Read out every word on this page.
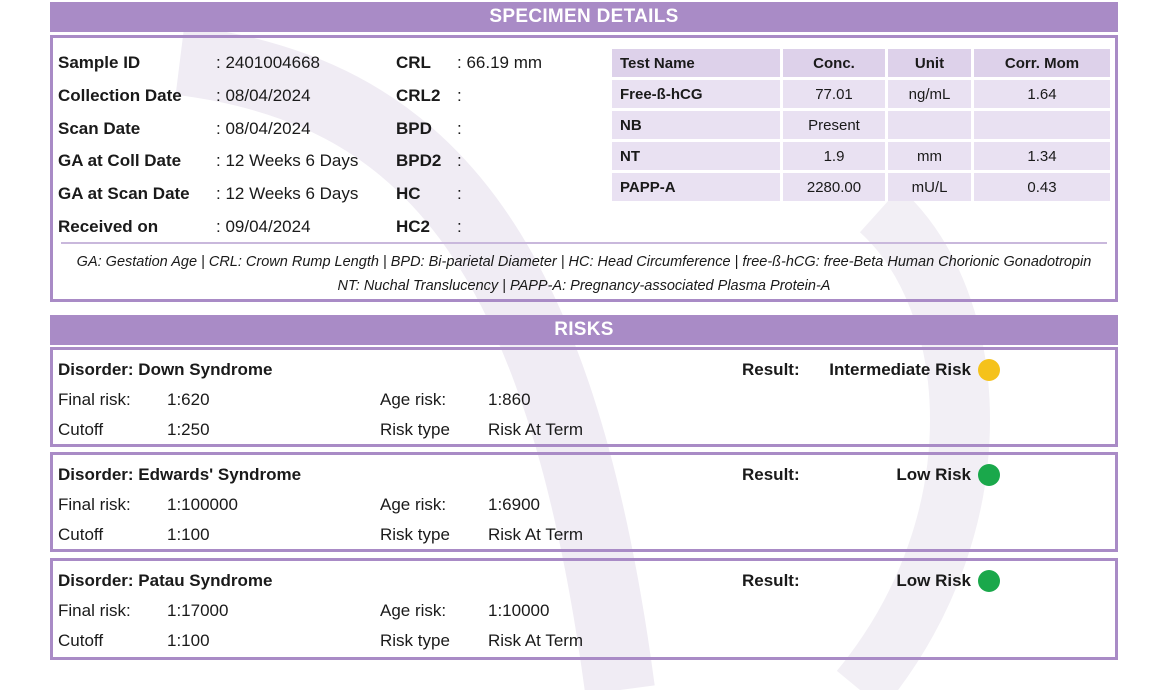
SPECIMEN DETAILS
Sample ID	: 2401004668
Collection Date : 08/04/2024
Scan Date	: 08/04/2024
GA at Coll Date : 12 Weeks 6 Days
GA at Scan Date : 12 Weeks 6 Days
Received on	: 09/04/2024
CRL : 66.19 mm
CRL2 :
BPD :
BPD2 :
HC :
HC2 :
Test Name	Conc.	Unit	Corr. Mom
Free-ß-hCG	77.01	ng/mL	1.64
NB	Present		
NT	1.9	mm	1.34
PAPP-A	2280.00	mU/L	0.43
GA: Gestation Age | CRL: Crown Rump Length | BPD: Bi-parietal Diameter | HC: Head Circumference | free-ß-hCG: free-Beta Human Chorionic Gonadotropin
NT: Nuchal Translucency | PAPP-A: Pregnancy-associated Plasma Protein-A
RISKS
Disorder: Down Syndrome	Result: Intermediate Risk
Final risk: 1:620	Age risk: 1:860
Cutoff	1:250	Risk type Risk At Term
Disorder: Edwards' Syndrome	Result:	Low Risk
Final risk: 1:100000	Age risk: 1:6900
Cutoff	1:100	Risk type Risk At Term
Disorder: Patau Syndrome	Result:	Low Risk
Final risk: 1:17000	Age risk: 1:10000
Cutoff	1:100	Risk type Risk At Term
